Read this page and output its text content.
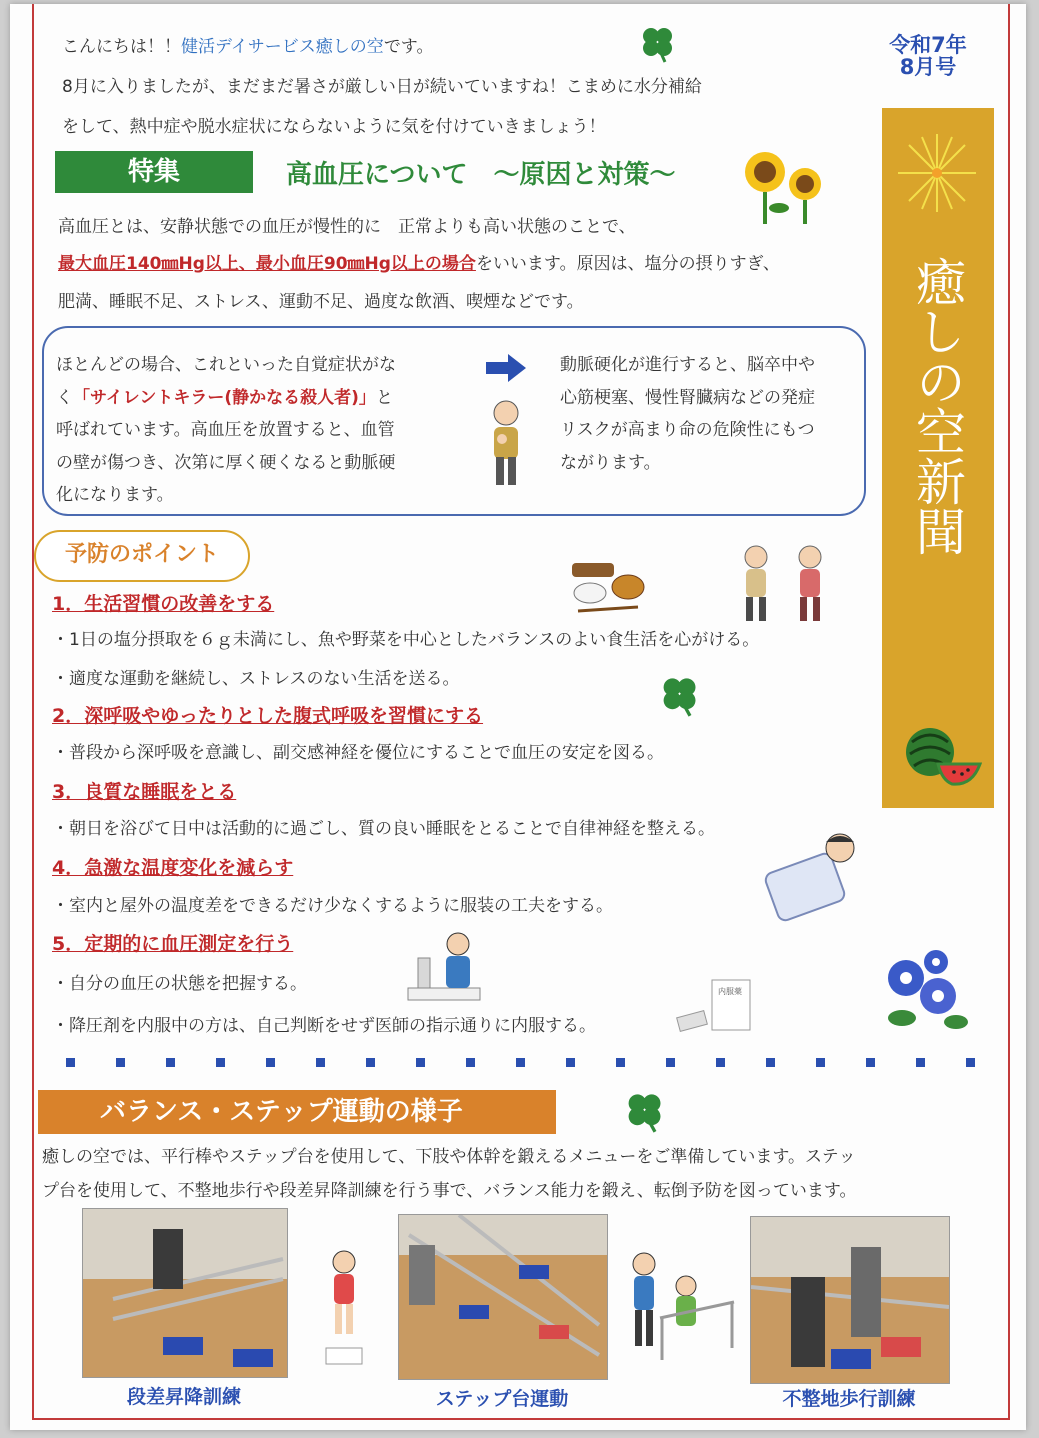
こんにちは！！健活デイサービス癒しの空です。
8月に入りましたが、まだまだ暑さが厳しい日が続いていますね！こまめに水分補給
をして、熱中症や脱水症状にならないように気を付けていきましょう！
令和7年
8月号
癒しの空新聞
特集	高血圧について　～原因と対策～
高血圧とは、安静状態での血圧が慢性的に　正常よりも高い状態のことで、
最大血圧140㎜Hg以上、最小血圧90㎜Hg以上の場合をいいます。原因は、塩分の摂りすぎ、
肥満、睡眠不足、ストレス、運動不足、過度な飲酒、喫煙などです。
ほとんどの場合、これといった自覚症状がな
く「サイレントキラー(静かなる殺人者)」と
呼ばれています。高血圧を放置すると、血管
の壁が傷つき、次第に厚く硬くなると動脈硬
化になります。
動脈硬化が進行すると、脳卒中や
心筋梗塞、慢性腎臓病などの発症
リスクが高まり命の危険性にもつ
ながります。
予防のポイント
1．生活習慣の改善をする
・1日の塩分摂取を６ｇ未満にし、魚や野菜を中心としたバランスのよい食生活を心がける。
・適度な運動を継続し、ストレスのない生活を送る。
2．深呼吸やゆったりとした腹式呼吸を習慣にする
・普段から深呼吸を意識し、副交感神経を優位にすることで血圧の安定を図る。
3．良質な睡眠をとる
・朝日を浴びて日中は活動的に過ごし、質の良い睡眠をとることで自律神経を整える。
4．急激な温度変化を減らす
・室内と屋外の温度差をできるだけ少なくするように服装の工夫をする。
5．定期的に血圧測定を行う
・自分の血圧の状態を把握する。
・降圧剤を内服中の方は、自己判断をせず医師の指示通りに内服する。
内服薬
バランス・ステップ運動の様子
癒しの空では、平行棒やステップ台を使用して、下肢や体幹を鍛えるメニューをご準備しています。ステッ
プ台を使用して、不整地歩行や段差昇降訓練を行う事で、バランス能力を鍛え、転倒予防を図っています。
段差昇降訓練	ステップ台運動	不整地歩行訓練
